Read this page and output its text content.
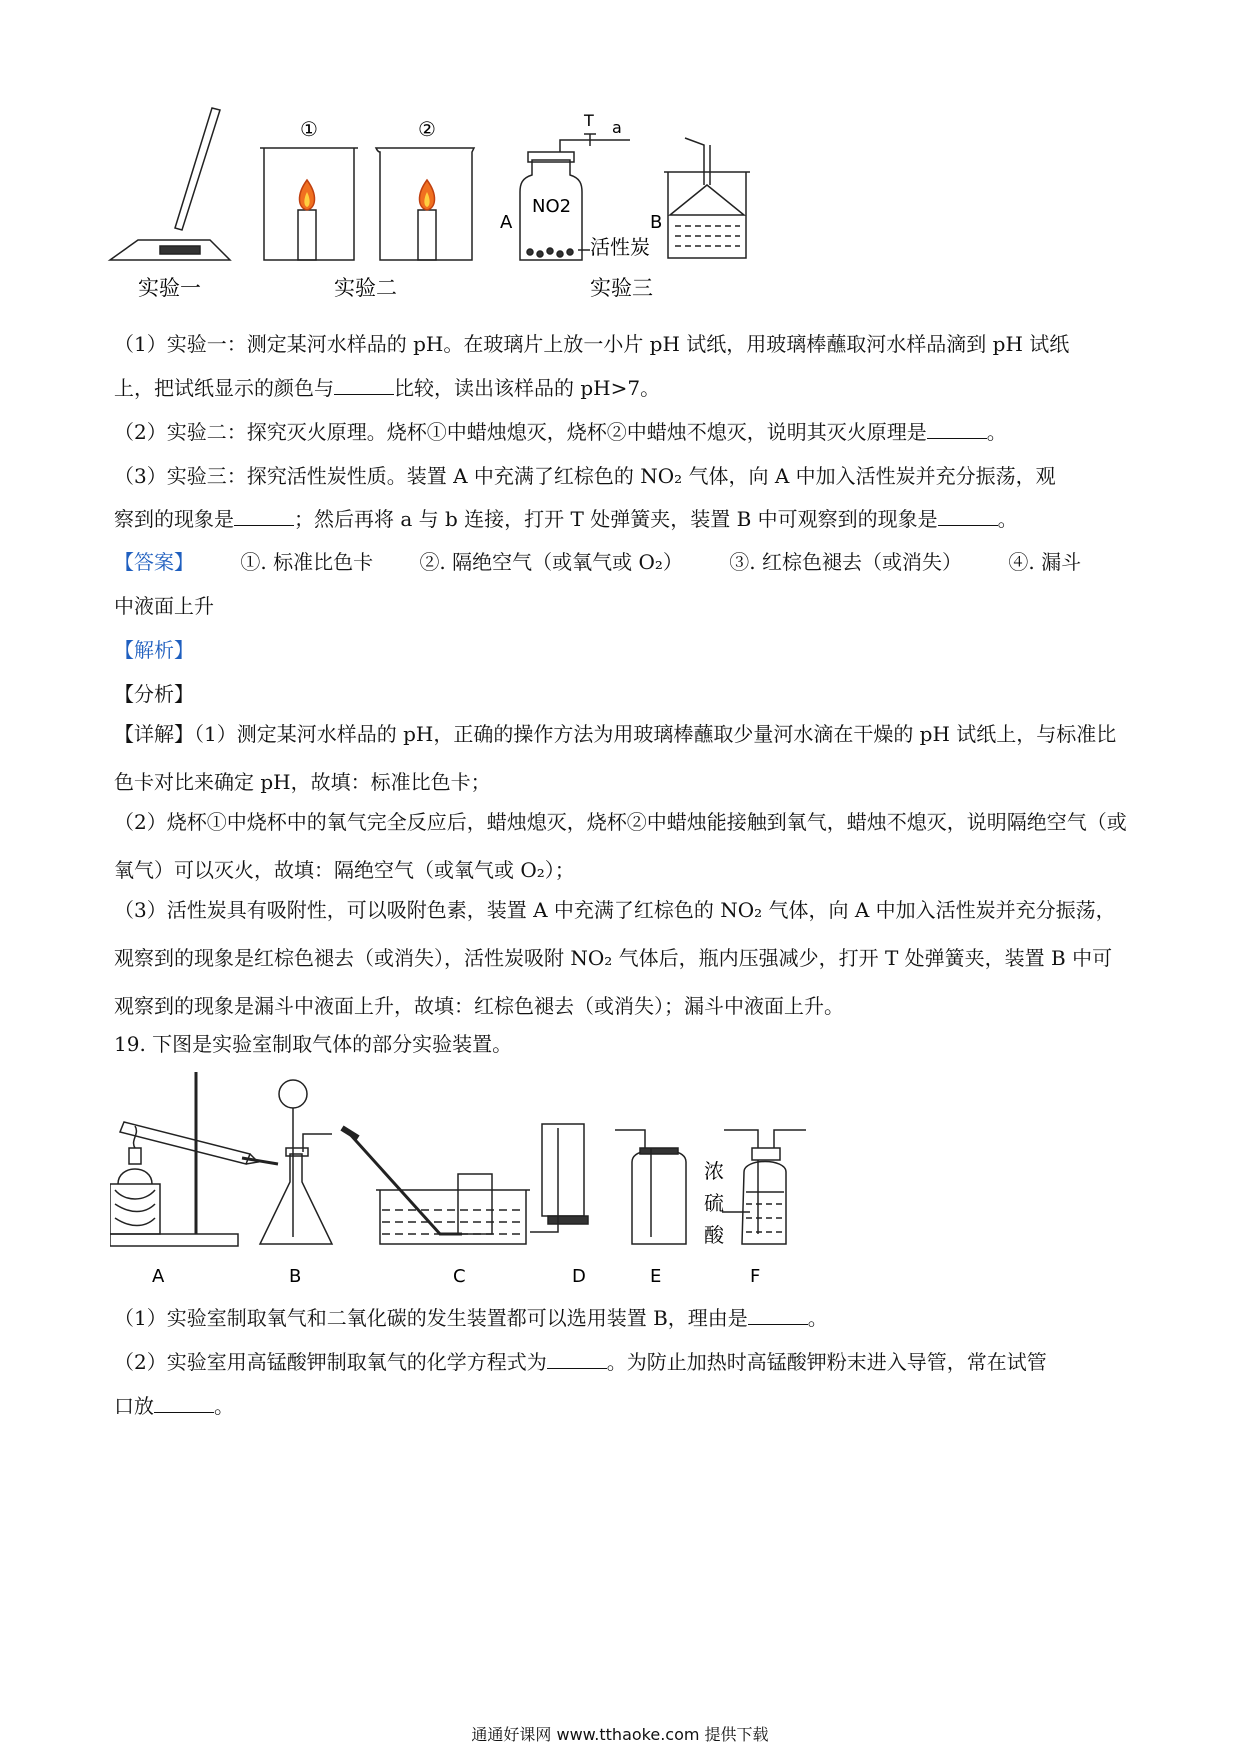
①	②	T a
NO2
A
活性炭
B
实验一	实验二	实验三
（1）实验一：测定某河水样品的 pH。在玻璃片上放一小片 pH 试纸，用玻璃棒蘸取河水样品滴到 pH 试纸
上，把试纸显示的颜色与	比较，读出该样品的 pH>7。
（2）实验二：探究灭火原理。烧杯①中蜡烛熄灭，烧杯②中蜡烛不熄灭，说明其灭火原理是	。
（3）实验三：探究活性炭性质。装置 A 中充满了红棕色的 NO₂ 气体，向 A 中加入活性炭并充分振荡，观
察到的现象是	；然后再将 a 与 b 连接，打开 T 处弹簧夹，装置 B 中可观察到的现象是	。
【答案】 ①. 标准比色卡 ②. 隔绝空气（或氧气或 O₂） ③. 红棕色褪去（或消失） ④. 漏斗
中液面上升
【解析】
【分析】

【详解】（1）测定某河水样品的 pH，正确的操作方法为用玻璃棒蘸取少量河水滴在干燥的 pH 试纸上，与标准比色卡对比来确定 pH，故填：标准比色卡；

（2）烧杯①中烧杯中的氧气完全反应后，蜡烛熄灭，烧杯②中蜡烛能接触到氧气，蜡烛不熄灭，说明隔绝空气（或氧气）可以灭火，故填：隔绝空气（或氧气或 O₂）；

（3）活性炭具有吸附性，可以吸附色素，装置 A 中充满了红棕色的 NO₂ 气体，向 A 中加入活性炭并充分振荡，观察到的现象是红棕色褪去（或消失），活性炭吸附 NO₂ 气体后，瓶内压强减少，打开 T 处弹簧夹，装置 B 中可观察到的现象是漏斗中液面上升，故填：红棕色褪去（或消失）；漏斗中液面上升。

19. 下图是实验室制取气体的部分实验装置。
浓
硫
酸
A	B	C	D	E	F
（1）实验室制取氧气和二氧化碳的发生装置都可以选用装置 B，理由是	。
（2）实验室用高锰酸钾制取氧气的化学方程式为	。为防止加热时高锰酸钾粉末进入导管，常在试管
口放	。
通通好课网 www.tthaoke.com 提供下载
